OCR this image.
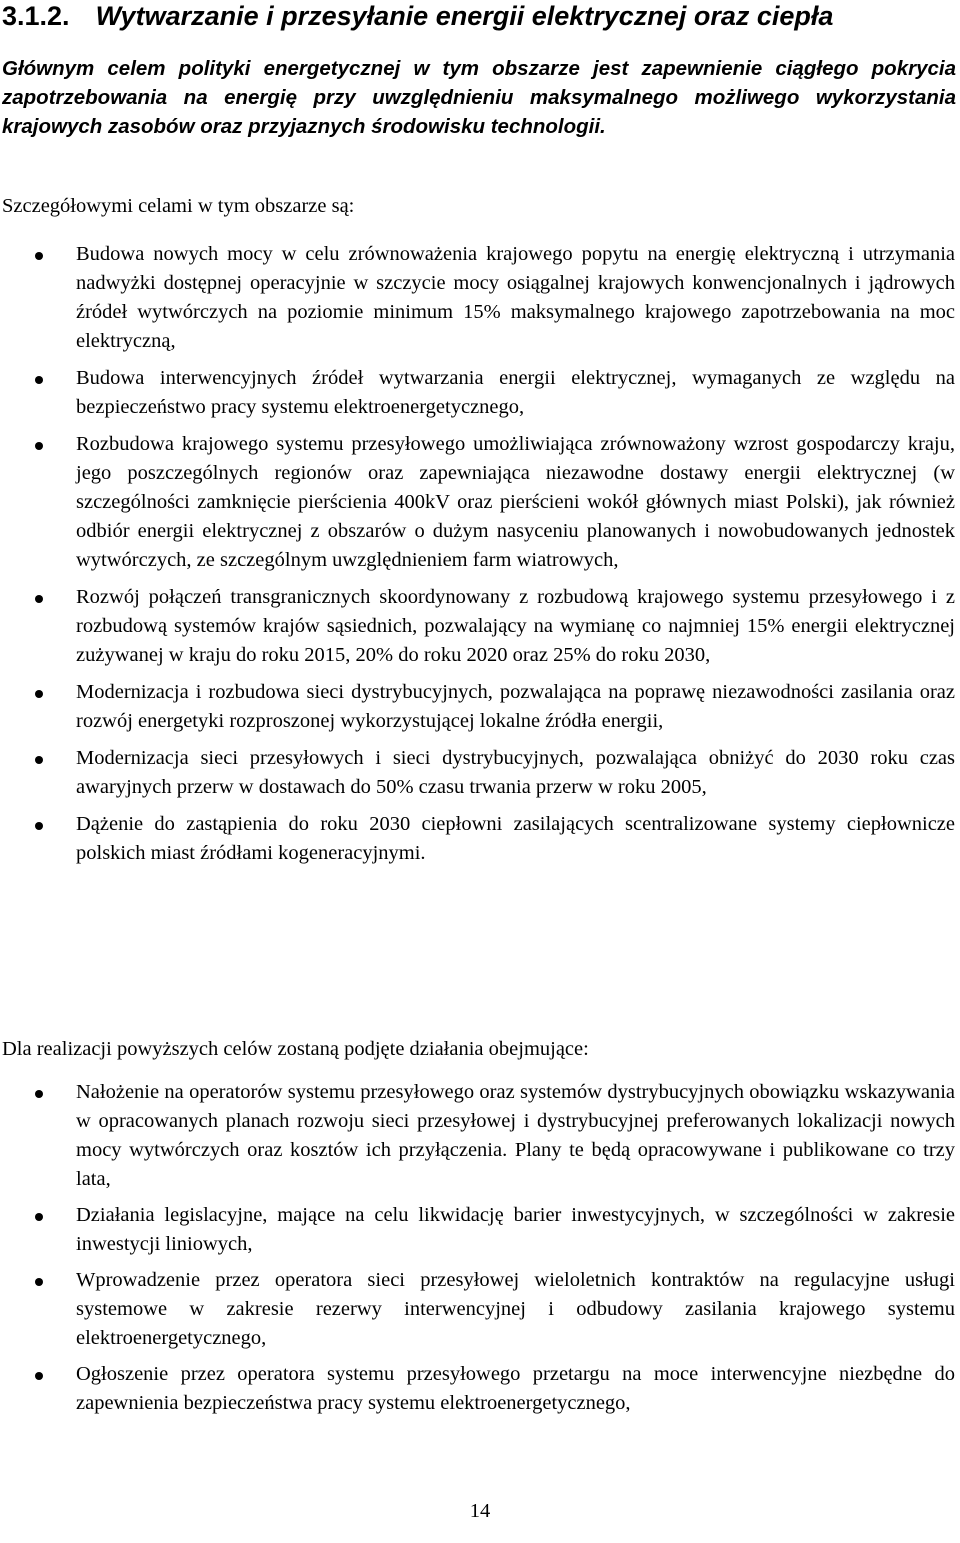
3.1.2. Wytwarzanie i przesyłanie energii elektrycznej oraz ciepła

Głównym celem polityki energetycznej w tym obszarze jest zapewnienie ciągłego pokrycia zapotrzebowania na energię przy uwzględnieniu maksymalnego możliwego wykorzystania krajowych zasobów oraz przyjaznych środowisku technologii.

Szczegółowymi celami w tym obszarze są:

Budowa nowych mocy w celu zrównoważenia krajowego popytu na energię elektryczną i utrzymania nadwyżki dostępnej operacyjnie w szczycie mocy osiągalnej krajowych konwencjonalnych i jądrowych źródeł wytwórczych na poziomie minimum 15% maksymalnego krajowego zapotrzebowania na moc elektryczną,
Budowa interwencyjnych źródeł wytwarzania energii elektrycznej, wymaganych ze względu na bezpieczeństwo pracy systemu elektroenergetycznego,
Rozbudowa krajowego systemu przesyłowego umożliwiająca zrównoważony wzrost gospodarczy kraju, jego poszczególnych regionów oraz zapewniająca niezawodne dostawy energii elektrycznej (w szczególności zamknięcie pierścienia 400kV oraz pierścieni wokół głównych miast Polski), jak również odbiór energii elektrycznej z obszarów o dużym nasyceniu planowanych i nowobudowanych jednostek wytwórczych, ze szczególnym uwzględnieniem farm wiatrowych,
Rozwój połączeń transgranicznych skoordynowany z rozbudową krajowego systemu przesyłowego i z rozbudową systemów krajów sąsiednich, pozwalający na wymianę co najmniej 15% energii elektrycznej zużywanej w kraju do roku 2015, 20% do roku 2020 oraz 25% do roku 2030,
Modernizacja i rozbudowa sieci dystrybucyjnych, pozwalająca na poprawę niezawodności zasilania oraz rozwój energetyki rozproszonej wykorzystującej lokalne źródła energii,
Modernizacja sieci przesyłowych i sieci dystrybucyjnych, pozwalająca obniżyć do 2030 roku czas awaryjnych przerw w dostawach do 50% czasu trwania przerw w roku 2005,
Dążenie do zastąpienia do roku 2030 ciepłowni zasilających scentralizowane systemy ciepłownicze polskich miast źródłami kogeneracyjnymi.

Dla realizacji powyższych celów zostaną podjęte działania obejmujące:

Nałożenie na operatorów systemu przesyłowego oraz systemów dystrybucyjnych obowiązku wskazywania w opracowanych planach rozwoju sieci przesyłowej i dystrybucyjnej preferowanych lokalizacji nowych mocy wytwórczych oraz kosztów ich przyłączenia. Plany te będą opracowywane i publikowane co trzy lata,
Działania legislacyjne, mające na celu likwidację barier inwestycyjnych, w szczególności w zakresie inwestycji liniowych,
Wprowadzenie przez operatora sieci przesyłowej wieloletnich kontraktów na regulacyjne usługi systemowe w zakresie rezerwy interwencyjnej i odbudowy zasilania krajowego systemu elektroenergetycznego,
Ogłoszenie przez operatora systemu przesyłowego przetargu na moce interwencyjne niezbędne do zapewnienia bezpieczeństwa pracy systemu elektroenergetycznego,
14
